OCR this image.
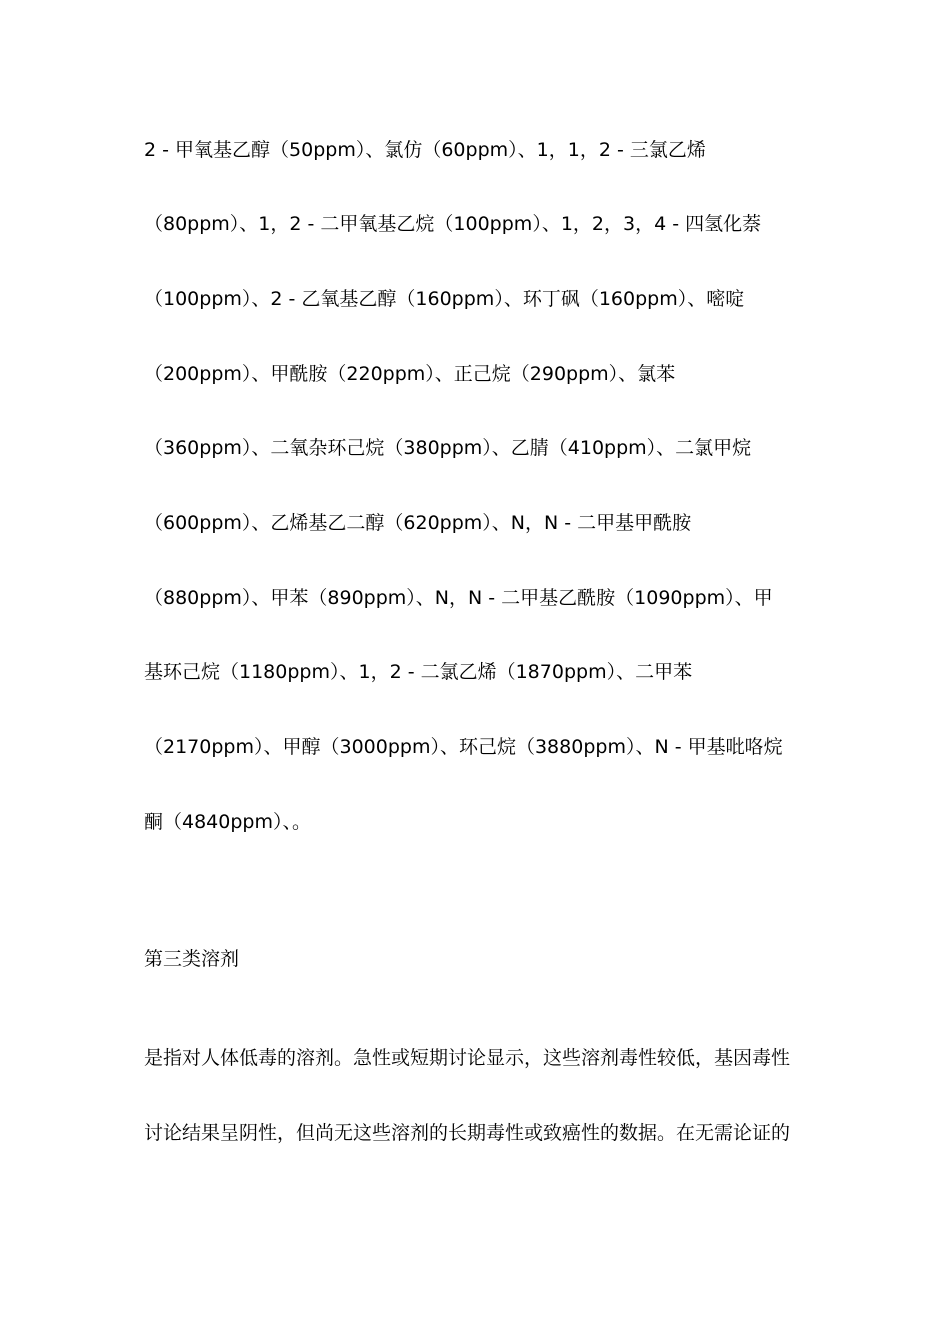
2 - 甲氧基乙醇（50ppm）、氯仿（60ppm）、1，1，2 - 三氯乙烯
（80ppm）、1，2 - 二甲氧基乙烷（100ppm）、1，2，3，4 - 四氢化萘
（100ppm）、2 - 乙氧基乙醇（160ppm）、环丁砜（160ppm）、嘧啶
（200ppm）、甲酰胺（220ppm）、正己烷（290ppm）、氯苯
（360ppm）、二氧杂环己烷（380ppm）、乙腈（410ppm）、二氯甲烷
（600ppm）、乙烯基乙二醇（620ppm）、N，N - 二甲基甲酰胺
（880ppm）、甲苯（890ppm）、N，N - 二甲基乙酰胺（1090ppm）、甲
基环己烷（1180ppm）、1，2 - 二氯乙烯（1870ppm）、二甲苯
（2170ppm）、甲醇（3000ppm）、环己烷（3880ppm）、N - 甲基吡咯烷
酮（4840ppm）、。
第三类溶剂
是指对人体低毒的溶剂。急性或短期讨论显示，这些溶剂毒性较低，基因毒性
讨论结果呈阴性，但尚无这些溶剂的长期毒性或致癌性的数据。在无需论证的
